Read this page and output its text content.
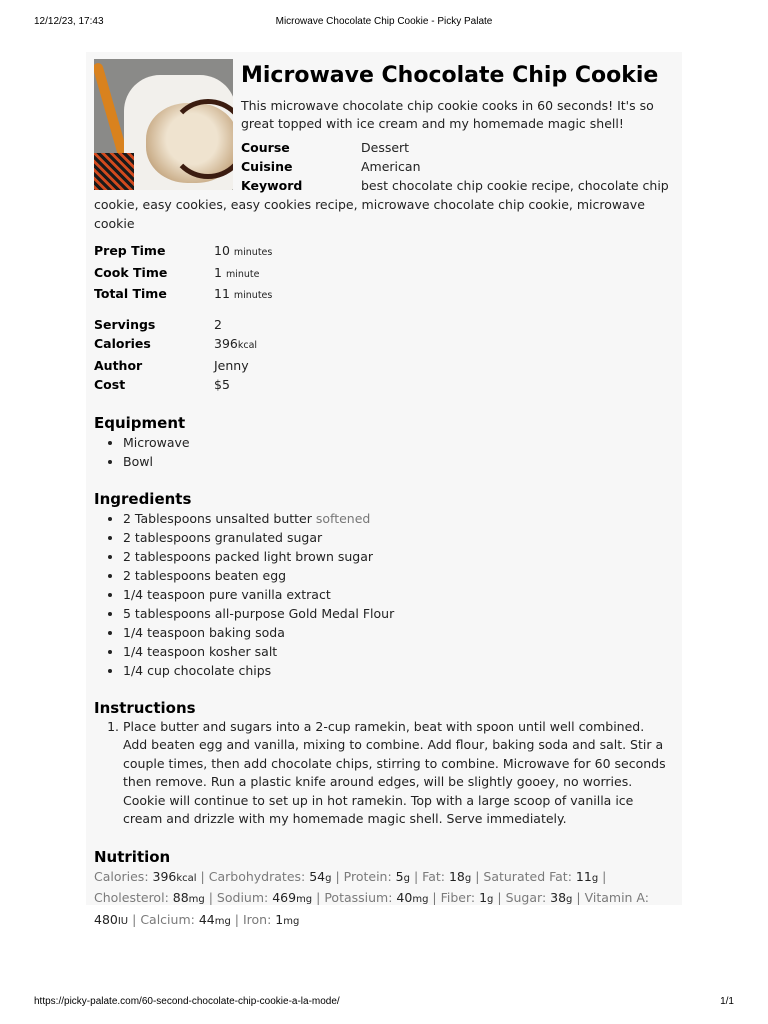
12/12/23, 17:43	Microwave Chocolate Chip Cookie - Picky Palate
Microwave Chocolate Chip Cookie
This microwave chocolate chip cookie cooks in 60 seconds! It's so great topped with ice cream and my homemade magic shell!
Course	Dessert
Cuisine	American
Keyword	best chocolate chip cookie recipe, chocolate chip cookie, easy cookies, easy cookies recipe, microwave chocolate chip cookie, microwave cookie
Prep Time	10 minutes
Cook Time	1 minute
Total Time	11 minutes
Servings	2
Calories	396kcal
Author	Jenny
Cost	$5
Equipment
• Microwave
• Bowl
Ingredients
• 2 Tablespoons unsalted butter softened
• 2 tablespoons granulated sugar
• 2 tablespoons packed light brown sugar
• 2 tablespoons beaten egg
• 1/4 teaspoon pure vanilla extract
• 5 tablespoons all-purpose Gold Medal Flour
• 1/4 teaspoon baking soda
• 1/4 teaspoon kosher salt
• 1/4 cup chocolate chips
Instructions
1. Place butter and sugars into a 2-cup ramekin, beat with spoon until well combined. Add beaten egg and vanilla, mixing to combine. Add flour, baking soda and salt. Stir a couple times, then add chocolate chips, stirring to combine. Microwave for 60 seconds then remove. Run a plastic knife around edges, will be slightly gooey, no worries. Cookie will continue to set up in hot ramekin. Top with a large scoop of vanilla ice cream and drizzle with my homemade magic shell. Serve immediately.
Nutrition
Calories: 396kcal | Carbohydrates: 54g | Protein: 5g | Fat: 18g | Saturated Fat: 11g | Cholesterol: 88mg | Sodium: 469mg | Potassium: 40mg | Fiber: 1g | Sugar: 38g | Vitamin A: 480IU | Calcium: 44mg | Iron: 1mg
https://picky-palate.com/60-second-chocolate-chip-cookie-a-la-mode/	1/1
